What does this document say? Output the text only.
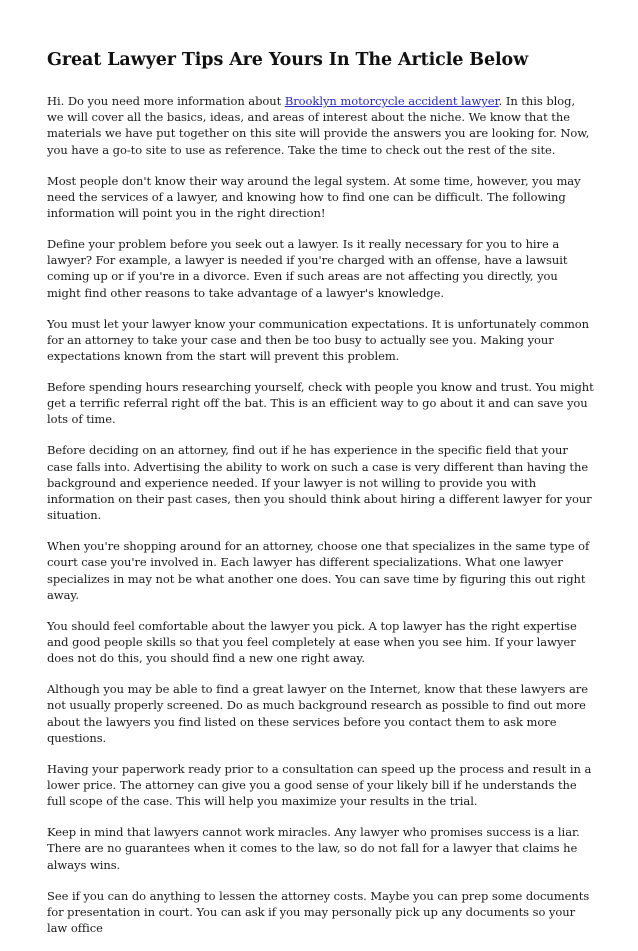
Great Lawyer Tips Are Yours In The Article Below

Hi. Do you need more information about Brooklyn motorcycle accident lawyer. In this blog, we will cover all the basics, ideas, and areas of interest about the niche. We know that the materials we have put together on this site will provide the answers you are looking for. Now, you have a go-to site to use as reference. Take the time to check out the rest of the site.

Most people don't know their way around the legal system. At some time, however, you may need the services of a lawyer, and knowing how to find one can be difficult. The following information will point you in the right direction!

Define your problem before you seek out a lawyer. Is it really necessary for you to hire a lawyer? For example, a lawyer is needed if you're charged with an offense, have a lawsuit coming up or if you're in a divorce. Even if such areas are not affecting you directly, you might find other reasons to take advantage of a lawyer's knowledge.

You must let your lawyer know your communication expectations. It is unfortunately common for an attorney to take your case and then be too busy to actually see you. Making your expectations known from the start will prevent this problem.

Before spending hours researching yourself, check with people you know and trust. You might get a terrific referral right off the bat. This is an efficient way to go about it and can save you lots of time.

Before deciding on an attorney, find out if he has experience in the specific field that your case falls into. Advertising the ability to work on such a case is very different than having the background and experience needed. If your lawyer is not willing to provide you with information on their past cases, then you should think about hiring a different lawyer for your situation.

When you're shopping around for an attorney, choose one that specializes in the same type of court case you're involved in. Each lawyer has different specializations. What one lawyer specializes in may not be what another one does. You can save time by figuring this out right away.

You should feel comfortable about the lawyer you pick. A top lawyer has the right expertise and good people skills so that you feel completely at ease when you see him. If your lawyer does not do this, you should find a new one right away.

Although you may be able to find a great lawyer on the Internet, know that these lawyers are not usually properly screened. Do as much background research as possible to find out more about the lawyers you find listed on these services before you contact them to ask more questions.

Having your paperwork ready prior to a consultation can speed up the process and result in a lower price. The attorney can give you a good sense of your likely bill if he understands the full scope of the case. This will help you maximize your results in the trial.

Keep in mind that lawyers cannot work miracles. Any lawyer who promises success is a liar. There are no guarantees when it comes to the law, so do not fall for a lawyer that claims he always wins.

See if you can do anything to lessen the attorney costs. Maybe you can prep some documents for presentation in court. You can ask if you may personally pick up any documents so your law office
